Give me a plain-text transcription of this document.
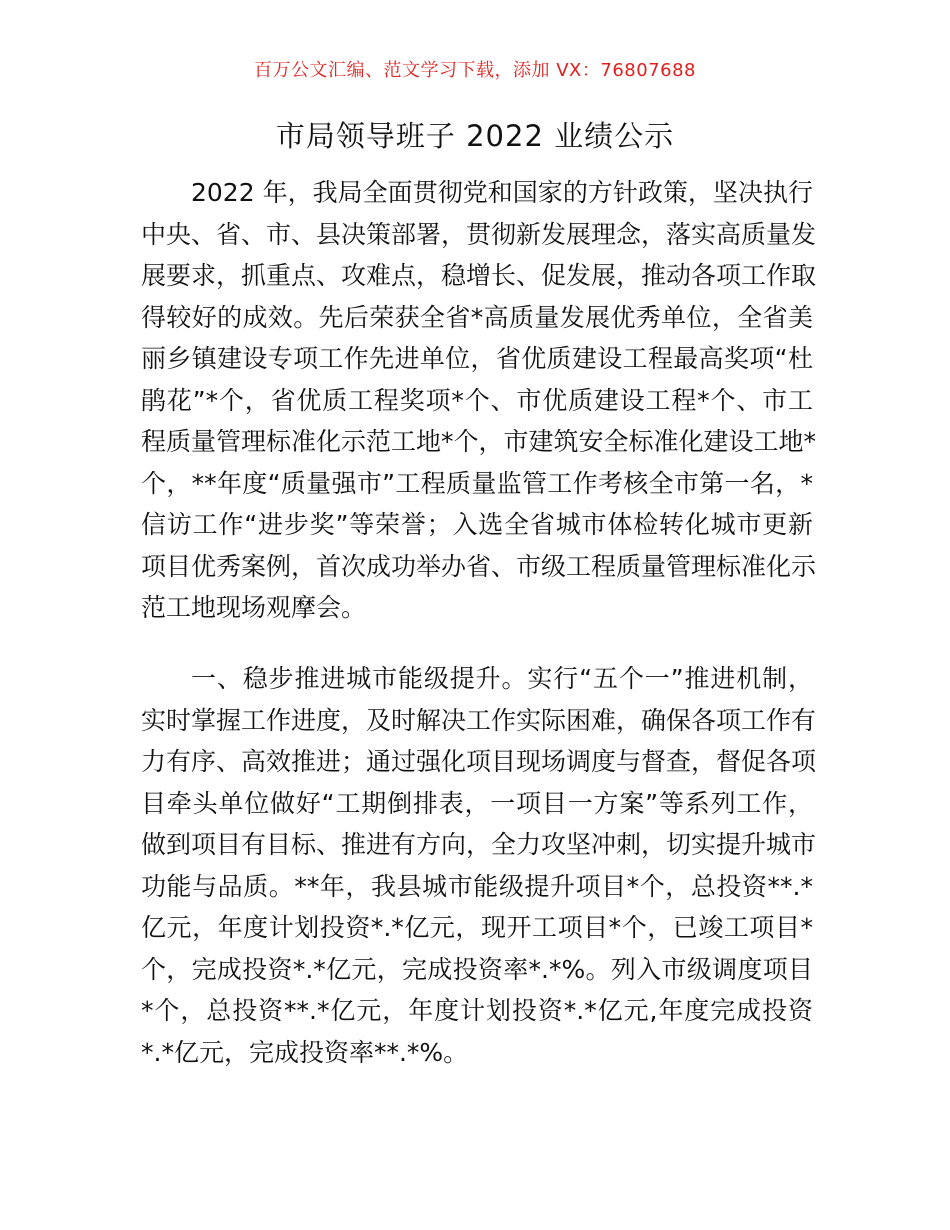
百万公文汇编、范文学习下载，添加 VX：76807688
市局领导班子 2022 业绩公示
2022 年，我局全面贯彻党和国家的方针政策，坚决执行
中央、省、市、县决策部署，贯彻新发展理念，落实高质量发
展要求，抓重点、攻难点，稳增长、促发展，推动各项工作取
得较好的成效。先后荣获全省*高质量发展优秀单位，全省美
丽乡镇建设专项工作先进单位，省优质建设工程最高奖项“杜
鹃花”*个，省优质工程奖项*个、市优质建设工程*个、市工
程质量管理标准化示范工地*个，市建筑安全标准化建设工地*
个，**年度“质量强市”工程质量监管工作考核全市第一名，*
信访工作“进步奖”等荣誉；入选全省城市体检转化城市更新
项目优秀案例，首次成功举办省、市级工程质量管理标准化示
范工地现场观摩会。
一、稳步推进城市能级提升。实行“五个一”推进机制，
实时掌握工作进度，及时解决工作实际困难，确保各项工作有
力有序、高效推进；通过强化项目现场调度与督查，督促各项
目牵头单位做好“工期倒排表，一项目一方案”等系列工作，
做到项目有目标、推进有方向，全力攻坚冲刺，切实提升城市
功能与品质。**年，我县城市能级提升项目*个，总投资**.*
亿元，年度计划投资*.*亿元，现开工项目*个，已竣工项目*
个，完成投资*.*亿元，完成投资率*.*%。列入市级调度项目
*个，总投资**.*亿元，年度计划投资*.*亿元,年度完成投资
*.*亿元，完成投资率**.*%。
